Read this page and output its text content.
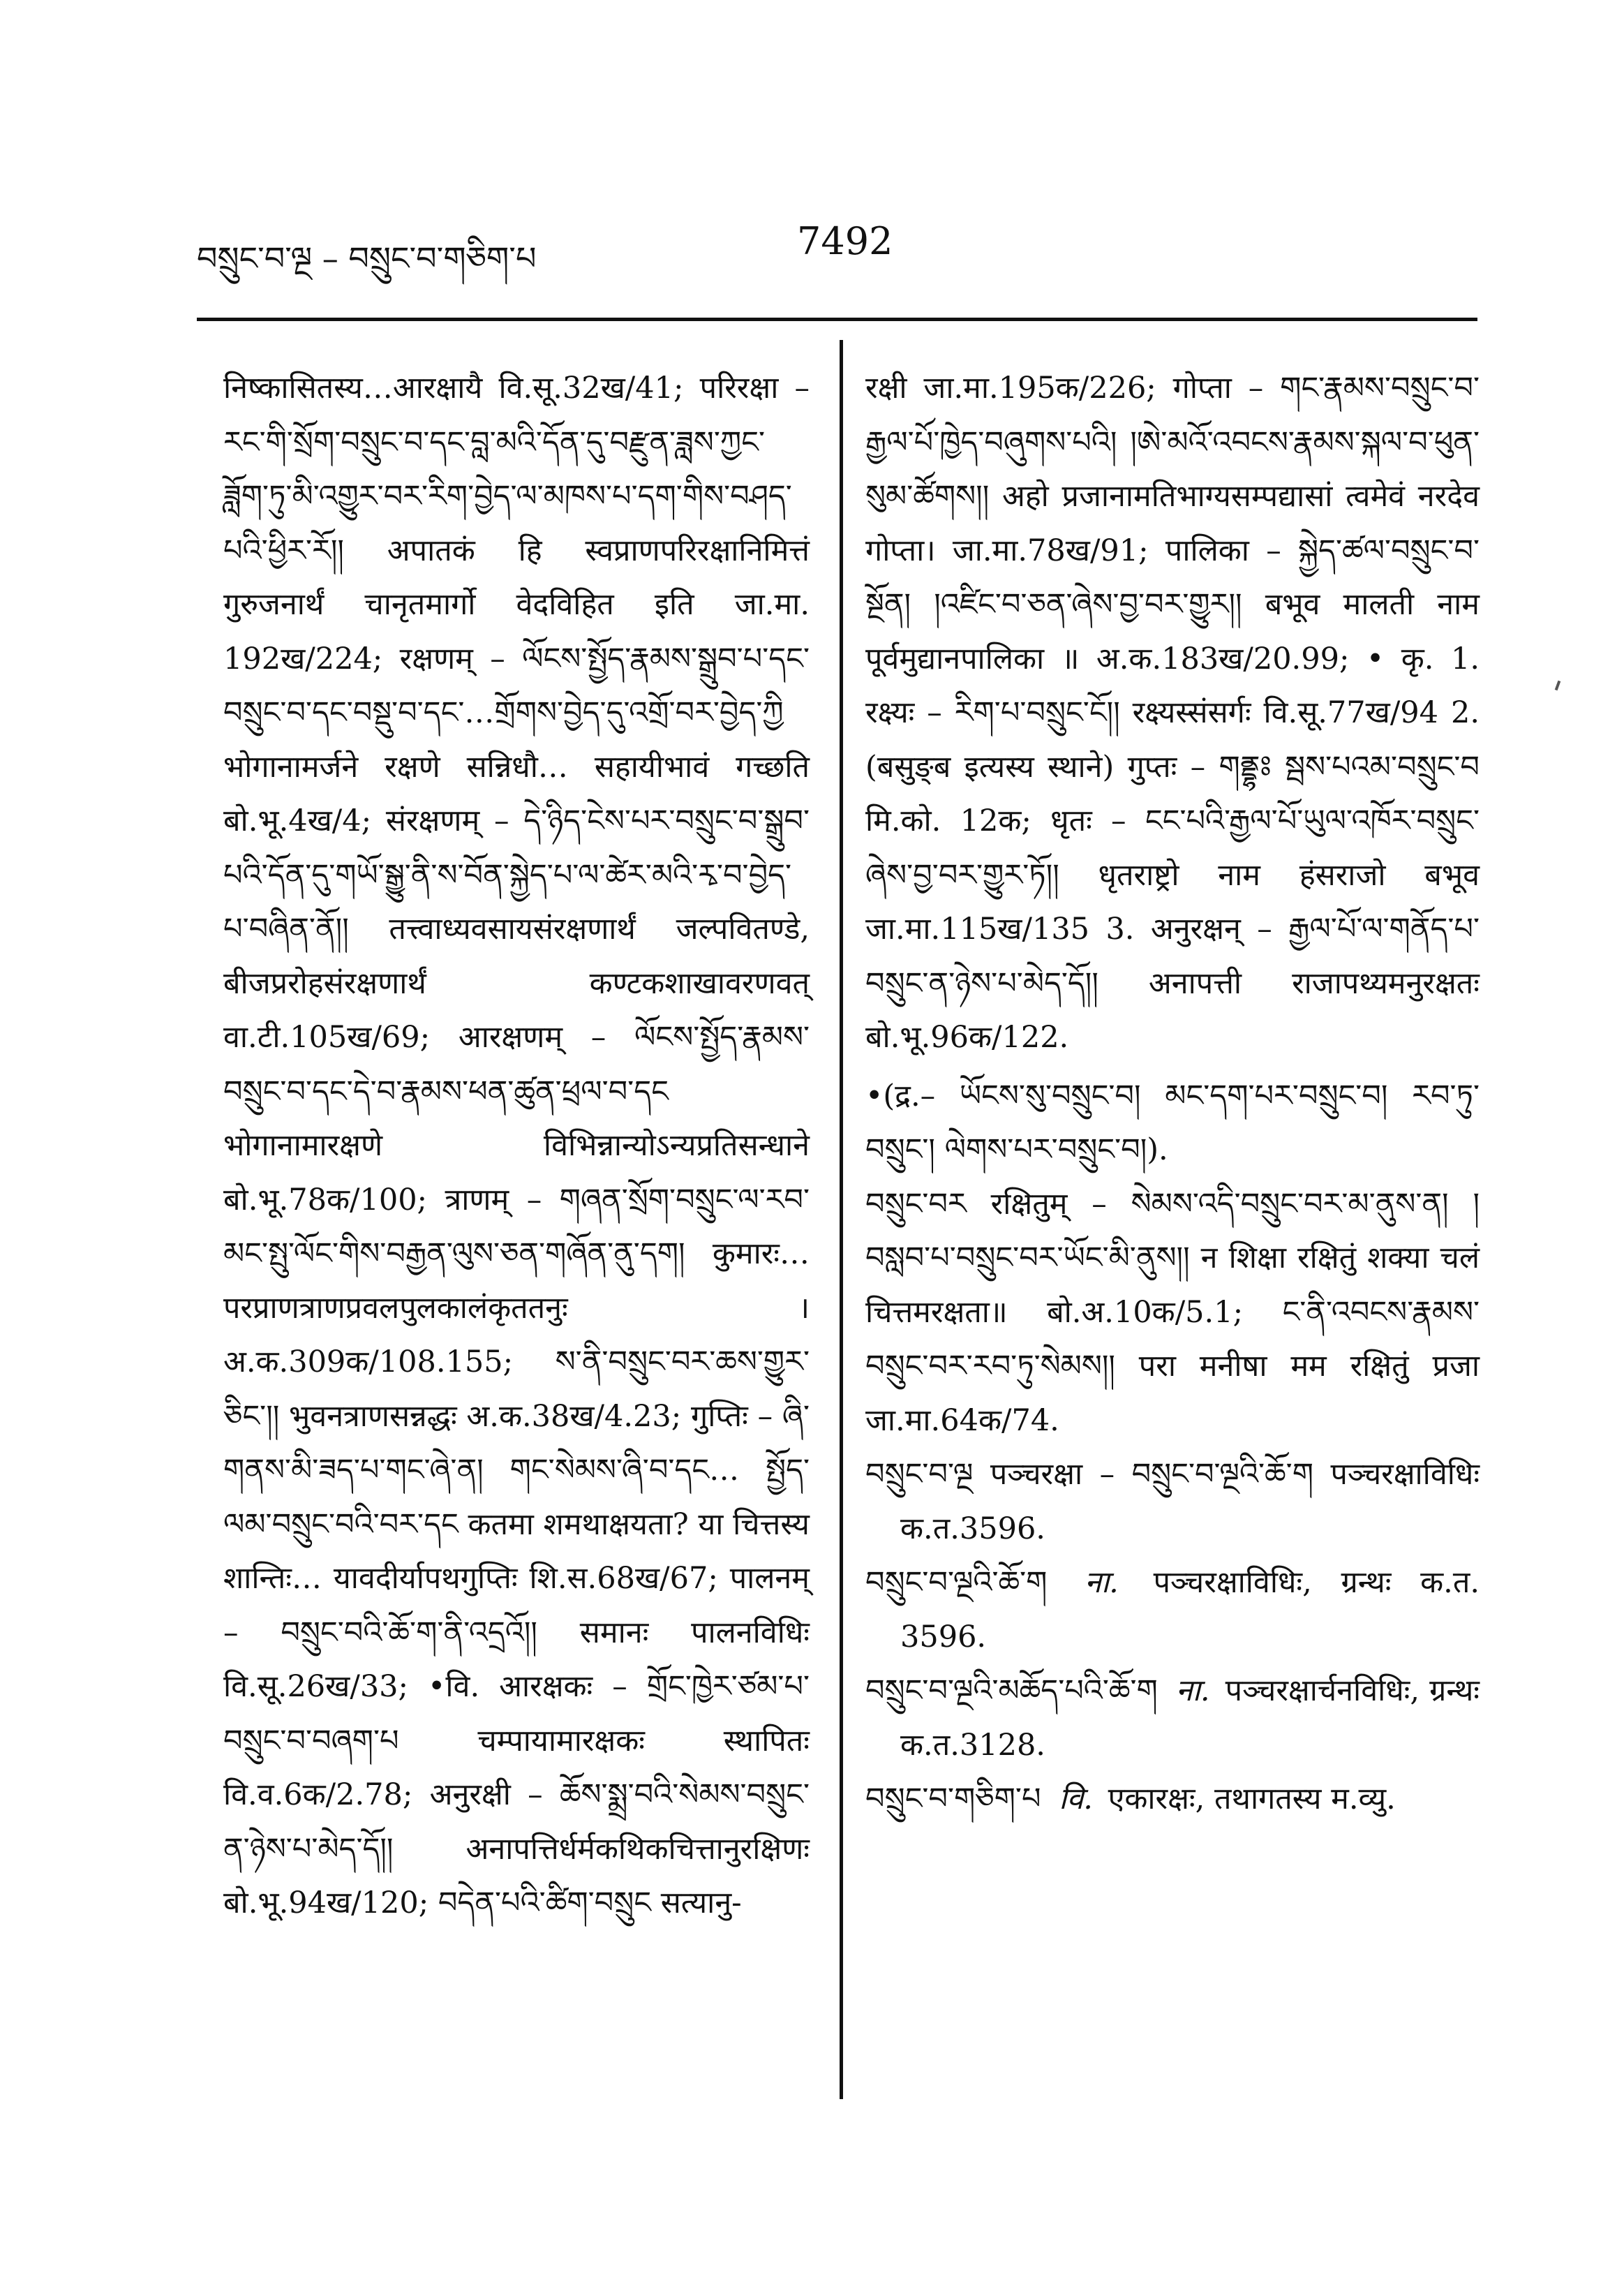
བསྲུང་བ་ལྔ – བསྲུང་བ་གཅིག་པ	7492

निष्कासितस्य…आरक्षायै वि.सू.32ख/41; परिरक्षा – རང་གི་སྲོག་བསྲུང་བ་དང་བླ་མའི་དོན་དུ་བརྫུན་ཟླས་ཀྱང་ཟློག་ཏུ་མི་འགྱུར་བར་རིག་བྱེད་ལ་མཁས་པ་དག་གིས་བཤད་པའི་ཕྱིར་རོ།། अपातकं हि स्वप्राणपरिरक्षानिमित्तं गुरुजनार्थं चानृतमार्गो वेदविहित इति जा.मा. 192ख/224; रक्षणम् – ལོངས་སྤྱོད་རྣམས་སྒྲུབ་པ་དང་བསྲུང་བ་དང་བསྡུ་བ་དང་…གྲོགས་བྱེད་དུ་འགྲོ་བར་བྱེད་ཀྱི भोगानामर्जने रक्षणे सन्निधौ… सहायीभावं गच्छति बो.भू.4ख/4; संरक्षणम् – དེ་ཉིད་ངེས་པར་བསྲུང་བ་སྒྲུབ་པའི་དོན་དུ་གཡོ་སྒྱུ་ནི་ས་བོན་སྐྱེད་པ་ལ་ཚེར་མའི་རྭ་བ་བྱེད་པ་བཞིན་ནོ།། तत्त्वाध्यवसायसंरक्षणार्थं जल्पवितण्डे, बीजप्ररोहसंरक्षणार्थं कण्टकशाखावरणवत् वा.टी.105ख/69; आरक्षणम् – ལོངས་སྤྱོད་རྣམས་བསྲུང་བ་དང་དེ་བ་རྣམས་ཕན་ཚུན་ཕྲལ་བ་དང भोगानामारक्षणे विभिन्नान्योऽन्यप्रतिसन्धाने बो.भू.78क/100; त्राणम् – གཞན་སྲོག་བསྲུང་ལ་རབ་མང་སྤུ་ལོང་གིས་བརྒྱན་ལུས་ཅན་གཞོན་ནུ་དག། कुमारः… परप्राणत्राणप्रवलपुलकालंकृततनुः । अ.क.309क/108.155; ས་ནི་བསྲུང་བར་ཆས་གྱུར་ཅིང་།། भुवनत्राणसन्नद्धः अ.क.38ख/4.23; गुप्तिः – ཞི་གནས་མི་ཟད་པ་གང་ཞེ་ན། གང་སེམས་ཞི་བ་དང… སྤྱོད་ལམ་བསྲུང་བའི་བར་དང कतमा शमथाक्षयता? या चित्तस्य शान्तिः… यावदीर्यापथगुप्तिः शि.स.68ख/67; पालनम् – བསྲུང་བའི་ཆོ་ག་ནི་འདྲའོ།། समानः पालनविधिः वि.सू.26ख/33; •वि. आरक्षकः – གྲོང་ཁྱེར་ཙམ་པ་བསྲུང་བ་བཞག་པ चम्पायामारक्षकः स्थापितः वि.व.6क/2.78; अनुरक्षी – ཆོས་སྨྲ་བའི་སེམས་བསྲུང་ན་ཉེས་པ་མེད་དོ།། अनापत्तिर्धर्मकथिकचित्तानुरक्षिणः बो.भू.94ख/120; བདེན་པའི་ཚིག་བསྲུང सत्यानु-

रक्षी जा.मा.195क/226; गोप्ता – གང་རྣམས་བསྲུང་བ་རྒྱལ་པོ་ཁྱེད་བཞུགས་པའི། །ཨེ་མའོ་འབངས་རྣམས་སྐལ་བ་ཕུན་སུམ་ཚོགས།། अहो प्रजानामतिभाग्यसम्पद्यासां त्वमेवं नरदेव गोप्ता। जा.मा.78ख/91; पालिका – སྐྱེད་ཚལ་བསྲུང་བ་སྔོན། །འཛིང་བ་ཅན་ཞེས་བྱ་བར་གྱུར།། बभूव मालती नाम पूर्वमुद्यानपालिका ॥ अ.क.183ख/20.99; • कृ. 1. रक्ष्यः – རིག་པ་བསྲུང་ངོ།། रक्ष्यस्संसर्गः वि.सू.77ख/94 2. (बसुङ्ब इत्यस्य स्थाने) गुप्तः – གནྡྷཿ སྦས་པའམ་བསྲུང་བ मि.को. 12क; धृतः – ངང་པའི་རྒྱལ་པོ་ཡུལ་འཁོར་བསྲུང་ཞེས་བྱ་བར་གྱུར་ཏོ།། धृतराष्ट्रो नाम हंसराजो बभूव जा.मा.115ख/135 3. अनुरक्षन् – རྒྱལ་པོ་ལ་གནོད་པ་བསྲུང་ན་ཉེས་པ་མེད་དོ།། अनापत्ती राजापथ्यमनुरक्षतः बो.भू.96क/122.

•(द्र.– ཡོངས་སུ་བསྲུང་བ། མང་དག་པར་བསྲུང་བ། རབ་ཏུ་བསྲུང་། ལེགས་པར་བསྲུང་བ།).

བསྲུང་བར रक्षितुम् – སེམས་འདི་བསྲུང་བར་མ་ནུས་ན། །བསླབ་པ་བསྲུང་བར་ཡོང་མི་ནུས།། न शिक्षा रक्षितुं शक्या चलं चित्तमरक्षता॥ बो.अ.10क/5.1; ང་ནི་འབངས་རྣམས་བསྲུང་བར་རབ་ཏུ་སེམས།། परा मनीषा मम रक्षितुं प्रजा जा.मा.64क/74.

བསྲུང་བ་ལྔ पञ्चरक्षा – བསྲུང་བ་ལྔའི་ཆོ་ག पञ्चरक्षाविधिः क.त.3596.

བསྲུང་བ་ལྔའི་ཆོ་ག ना. पञ्चरक्षाविधिः, ग्रन्थः क.त. 3596.

བསྲུང་བ་ལྔའི་མཆོད་པའི་ཆོ་ག ना. पञ्चरक्षार्चनविधिः, ग्रन्थः क.त.3128.

བསྲུང་བ་གཅིག་པ वि. एकारक्षः, तथागतस्य म.व्यु.
